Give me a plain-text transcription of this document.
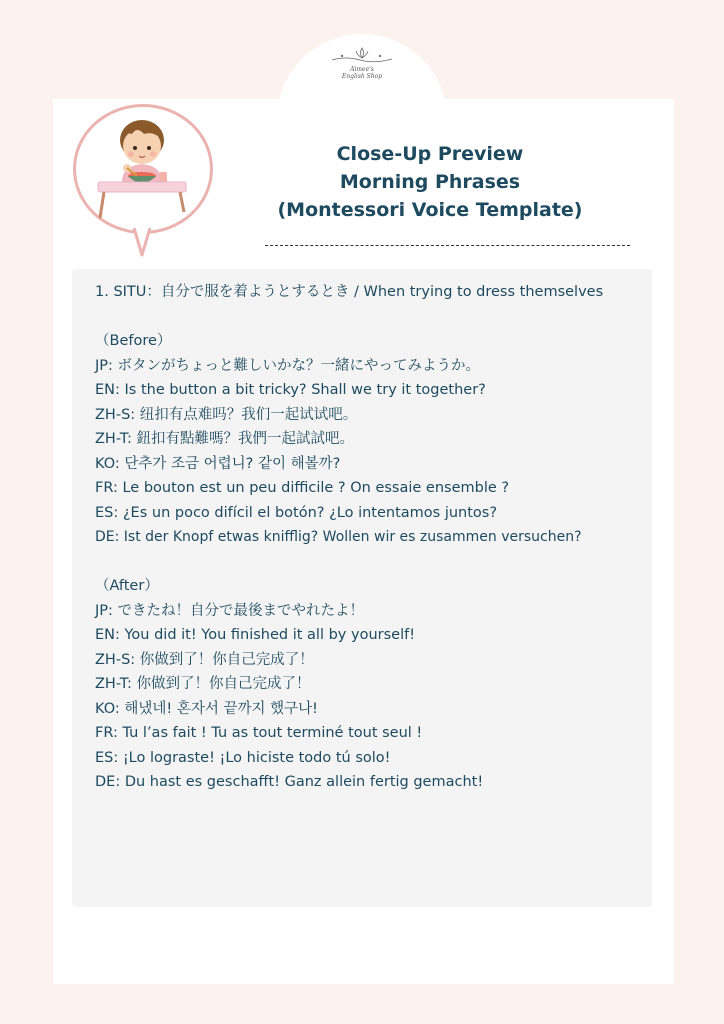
Aimee's
English Shop
Close-Up Preview
Morning Phrases
(Montessori Voice Template)
1. SITU：自分で服を着ようとするとき / When trying to dress themselves
（Before）
JP: ボタンがちょっと難しいかな？一緒にやってみようか。
EN: Is the button a bit tricky? Shall we try it together?
ZH-S: 纽扣有点难吗？我们一起试试吧。
ZH-T: 鈕扣有點難嗎？我們一起試試吧。
KO: 단추가 조금 어렵니? 같이 해볼까?
FR: Le bouton est un peu difficile ? On essaie ensemble ?
ES: ¿Es un poco difícil el botón? ¿Lo intentamos juntos?
DE: Ist der Knopf etwas knifflig? Wollen wir es zusammen versuchen?
（After）
JP: できたね！自分で最後までやれたよ！
EN: You did it! You finished it all by yourself!
ZH-S: 你做到了！你自己完成了！
ZH-T: 你做到了！你自己完成了！
KO: 해냈네! 혼자서 끝까지 했구나!
FR: Tu l’as fait ! Tu as tout terminé tout seul !
ES: ¡Lo lograste! ¡Lo hiciste todo tú solo!
DE: Du hast es geschafft! Ganz allein fertig gemacht!
